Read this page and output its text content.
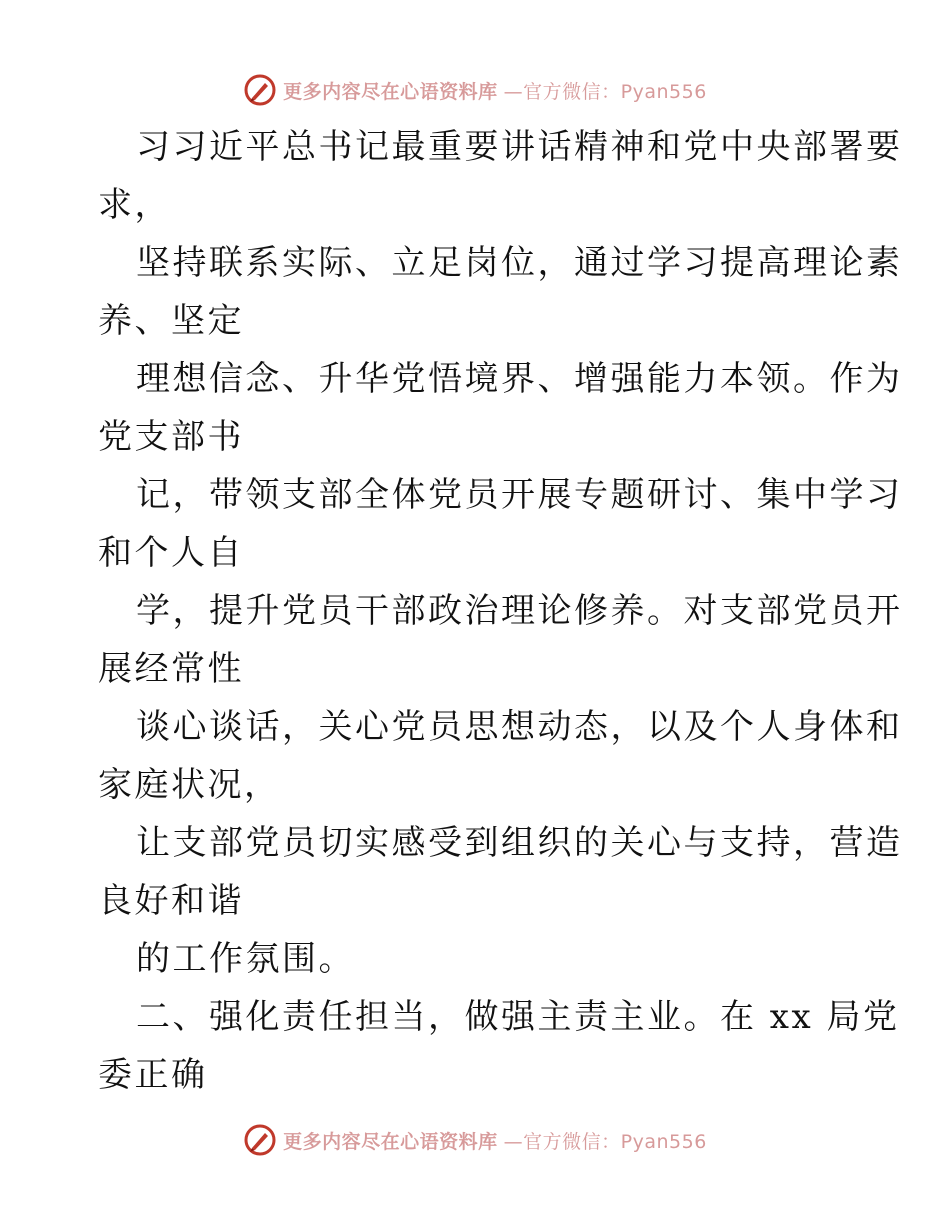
更多内容尽在心语资料库 —官方微信：Pyan556
习习近平总书记最重要讲话精神和党中央部署要
求，
坚持联系实际、立足岗位，通过学习提高理论素
养、坚定
理想信念、升华党悟境界、增强能力本领。作为
党支部书
记，带领支部全体党员开展专题研讨、集中学习
和个人自
学，提升党员干部政治理论修养。对支部党员开
展经常性
谈心谈话，关心党员思想动态，以及个人身体和
家庭状况，
让支部党员切实感受到组织的关心与支持，营造
良好和谐
的工作氛围。
二、强化责任担当，做强主责主业。在 xx 局党
委正确
更多内容尽在心语资料库 —官方微信：Pyan556
